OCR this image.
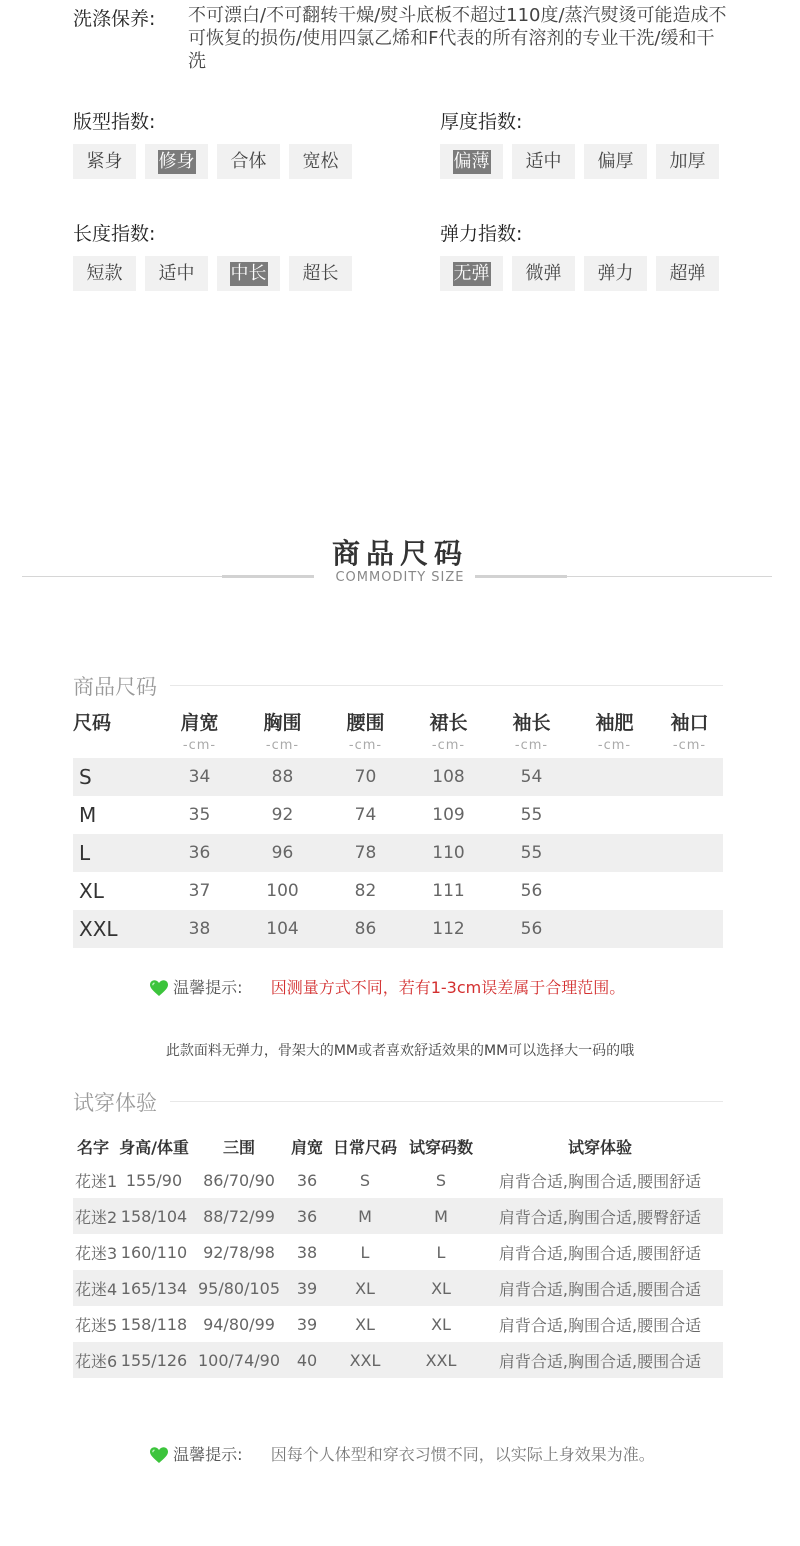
洗涤保养: 不可漂白/不可翻转干燥/熨斗底板不超过110度/蒸汽熨烫可能造成不可恢复的损伤/使用四氯乙烯和F代表的所有溶剂的专业干洗/缓和干洗
版型指数:
紧身 修身 合体 宽松
厚度指数:
偏薄 适中 偏厚 加厚
长度指数:
短款 适中 中长 超长
弹力指数:
无弹 微弹 弹力 超弹
商品尺码
COMMODITY SIZE
商品尺码
尺码	肩宽	胸围	腰围	裙长	袖长	袖肥	袖口
-cm-	-cm-	-cm-	-cm-	-cm-	-cm-	-cm-
S	34	88	70	108	54
M	35	92	74	109	55
L	36	96	78	110	55
XL	37	100	82	111	56
XXL	38	104	86	112	56
温馨提示: 因测量方式不同，若有1-3cm误差属于合理范围。
此款面料无弹力，骨架大的MM或者喜欢舒适效果的MM可以选择大一码的哦
试穿体验
名字 身高/体重	三围	肩宽 日常尺码 试穿码数	试穿体验
花迷1 155/90	86/70/90	36	S	S	肩背合适,胸围合适,腰围舒适
花迷2 158/104 88/72/99	36	M	M	肩背合适,胸围合适,腰臀舒适
花迷3 160/110 92/78/98	38	L	L	肩背合适,胸围合适,腰围舒适
花迷4 165/134 95/80/105	39	XL	XL	肩背合适,胸围合适,腰围合适
花迷5 158/118 94/80/99	39	XL	XL	肩背合适,胸围合适,腰围合适
花迷6 155/126 100/74/90	40	XXL	XXL	肩背合适,胸围合适,腰围合适
温馨提示: 因每个人体型和穿衣习惯不同，以实际上身效果为准。
